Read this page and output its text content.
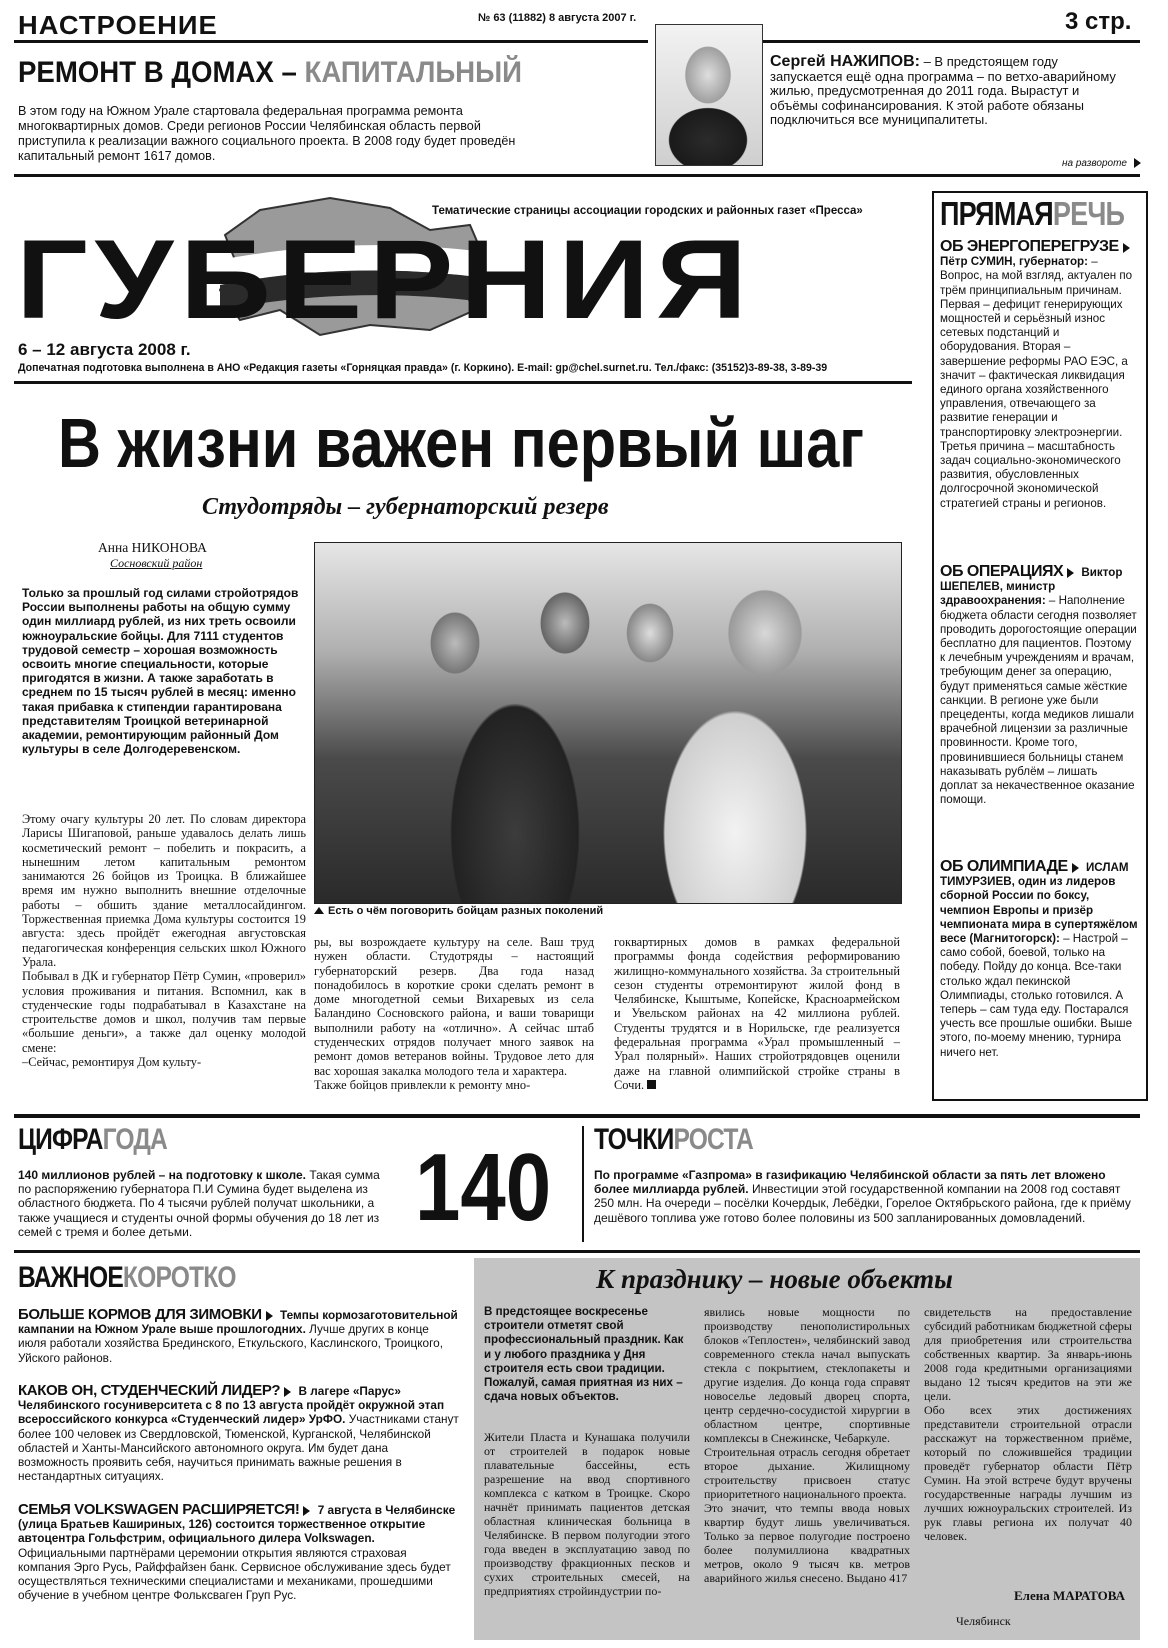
НАСТРОЕНИЕ	№ 63 (11882) 8 августа 2007 г.	3 стр.
РЕМОНТ В ДОМАХ – КАПИТАЛЬНЫЙ
В этом году на Южном Урале стартовала федеральная программа ремонта многоквартирных домов. Среди регионов России Челябинская область первой приступила к реализации важного социального проекта. В 2008 году будет проведён капитальный ремонт 1617 домов.
Сергей НАЖИПОВ: – В предстоящем году запускается ещё одна программа – по ветхо-аварийному жилью, предусмотренная до 2011 года. Вырастут и объёмы софинансирования. К этой работе обязаны подключиться все муниципалитеты.
на развороте
Тематические страницы ассоциации городских и районных газет «Пресса»
ГУБЕРНИЯ
6 – 12 августа 2008 г.
Допечатная подготовка выполнена в АНО «Редакция газеты «Горняцкая правда» (г. Коркино). E-mail: gp@chel.surnet.ru. Тел./факс: (35152)3-89-38, 3-89-39
В жизни важен первый шаг
Студотряды – губернаторский резерв
Анна НИКОНОВА
Сосновский район
Только за прошлый год силами стройотрядов России выполнены работы на общую сумму один миллиард рублей, из них треть освоили южноуральские бойцы. Для 7111 студентов трудовой семестр – хорошая возможность освоить многие специальности, которые пригодятся в жизни. А также заработать в среднем по 15 тысяч рублей в месяц: именно такая прибавка к стипендии гарантирована представителям Троицкой ветеринарной академии, ремонтирующим районный Дом культуры в селе Долгодеревенском.
Этому очагу культуры 20 лет. По словам директора Ларисы Шигаповой, раньше удавалось делать лишь косметический ремонт – побелить и покрасить, а нынешним летом капитальным ремонтом занимаются 26 бойцов из Троицка. В ближайшее время им нужно выполнить внешние отделочные работы – обшить здание металлосайдингом. Торжественная приемка Дома культуры состоится 19 августа: здесь пройдёт ежегодная августовская педагогическая конференция сельских школ Южного Урала.
Побывал в ДК и губернатор Пётр Сумин, «проверил» условия проживания и питания. Вспомнил, как в студенческие годы подрабатывал в Казахстане на строительстве домов и школ, получив там первые «большие деньги», а также дал оценку молодой смене:
–Сейчас, ремонтируя Дом культу-
Есть о чём поговорить бойцам разных поколений
ры, вы возрождаете культуру на селе. Ваш труд нужен области. Студотряды – настоящий губернаторский резерв. Два года назад понадобилось в короткие сроки сделать ремонт в доме многодетной семьи Вихаревых из села Баландино Сосновского района, и ваши товарищи выполнили работу на «отлично». А сейчас штаб студенческих отрядов получает много заявок на ремонт домов ветеранов войны. Трудовое лето для вас хорошая закалка молодого тела и характера.
Также бойцов привлекли к ремонту мно-
гоквартирных домов в рамках федеральной программы фонда содействия реформированию жилищно-коммунального хозяйства. За строительный сезон студенты отремонтируют жилой фонд в Челябинске, Кыштыме, Копейске, Красноармейском и Увельском районах на 42 миллиона рублей. Студенты трудятся и в Норильске, где реализуется федеральная программа «Урал промышленный – Урал полярный». Наших стройотрядовцев оценили даже на главной олимпийской стройке страны в Сочи.
ПРЯМАЯРЕЧЬ
ОБ ЭНЕРГОПЕРЕГРУЗЕ
Пётр СУМИН, губернатор: – Вопрос, на мой взгляд, актуален по трём принципиальным причинам. Первая – дефицит генерирующих мощностей и серьёзный износ сетевых подстанций и оборудования. Вторая – завершение реформы РАО ЕЭС, а значит – фактическая ликвидация единого органа хозяйственного управления, отвечающего за развитие генерации и транспортировку электроэнергии. Третья причина – масштабность задач социально-экономического развития, обусловленных долгосрочной экономической стратегией страны и регионов.
ОБ ОПЕРАЦИЯХ Виктор ШЕПЕЛЕВ, министр здравоохранения: – Наполнение бюджета области сегодня позволяет проводить дорогостоящие операции бесплатно для пациентов. Поэтому к лечебным учреждениям и врачам, требующим денег за операцию, будут применяться самые жёсткие санкции. В регионе уже были прецеденты, когда медиков лишали врачебной лицензии за различные провинности. Кроме того, провинившиеся больницы станем наказывать рублём – лишать доплат за некачественное оказание помощи.
ОБ ОЛИМПИАДЕ ИСЛАМ ТИМУРЗИЕВ, один из лидеров сборной России по боксу, чемпион Европы и призёр чемпионата мира в супертяжёлом весе (Магнитогорск): – Настрой – само собой, боевой, только на победу. Пойду до конца. Все-таки столько ждал пекинской Олимпиады, столько готовился. А теперь – сам туда еду. Постарался учесть все прошлые ошибки. Выше этого, по-моему мнению, турнира ничего нет.
ЦИФРАГОДА
140 миллионов рублей – на подготовку к школе. Такая сумма по распоряжению губернатора П.И Сумина будет выделена из областного бюджета. По 4 тысячи рублей получат школьники, а также учащиеся и студенты очной формы обучения до 18 лет из семей с тремя и более детьми.	140 ТОЧКИРОСТА
По программе «Газпрома» в газификацию Челябинской области за пять лет вложено более миллиарда рублей. Инвестиции этой государственной компании на 2008 год составят 250 млн. На очереди – посёлки Кочердык, Лебёдки, Горелое Октябрьского района, где к приёму дешёвого топлива уже готово более половины из 500 запланированных домовладений.
ВАЖНОЕКОРОТКО
БОЛЬШЕ КОРМОВ ДЛЯ ЗИМОВКИ Темпы кормозаготовительной кампании на Южном Урале выше прошлогодних. Лучше других в конце июля работали хозяйства Брединского, Еткульского, Каслинского, Троицкого, Уйского районов.
КАКОВ ОН, СТУДЕНЧЕСКИЙ ЛИДЕР? В лагере «Парус» Челябинского госуниверситета с 8 по 13 августа пройдёт окружной этап всероссийского конкурса «Студенческий лидер» УрФО. Участниками станут более 100 человек из Свердловской, Тюменской, Курганской, Челябинской областей и Ханты-Мансийского автономного округа. Им будет дана возможность проявить себя, научиться принимать важные решения в нестандартных ситуациях.
СЕМЬЯ VOLKSWAGEN РАСШИРЯЕТСЯ! 7 августа в Челябинске (улица Братьев Кашириных, 126) состоится торжественное открытие автоцентра Гольфстрим, официального дилера Volkswagen. Официальными партнёрами церемонии открытия являются страховая компания Эрго Русь, Райффайзен банк. Сервисное обслуживание здесь будет осуществляться техническими специалистами и механиками, прошедшими обучение в учебном центре Фольксваген Груп Рус.
К празднику – новые объекты
В предстоящее воскресенье строители отметят свой профессиональный праздник. Как и у любого праздника у Дня строителя есть свои традиции. Пожалуй, самая приятная из них – сдача новых объектов.
Жители Пласта и Кунашака получили от строителей в подарок новые плавательные бассейны, есть разрешение на ввод спортивного комплекса с катком в Троицке. Скоро начнёт принимать пациентов детская областная клиническая больница в Челябинске. В первом полугодии этого года введен в эксплуатацию завод по производству фракционных песков и сухих строительных смесей, на предприятиях стройиндустрии по-
явились новые мощности по производству пенополистирольных блоков «Теплостен», челябинский завод современного стекла начал выпускать стекла с покрытием, стеклопакеты и другие изделия. До конца года справят новоселье ледовый дворец спорта, центр сердечно-сосудистой хирургии в областном центре, спортивные комплексы в Снежинске, Чебаркуле.
Строительная отрасль сегодня обретает второе дыхание. Жилищному строительству присвоен статус приоритетного национального проекта.
Это значит, что темпы ввода новых квартир будут лишь увеличиваться. Только за первое полугодие построено более полумиллиона квадратных метров, около 9 тысяч кв. метров аварийного жилья снесено. Выдано 417
свидетельств на предоставление субсидий работникам бюджетной сферы для приобретения или строительства собственных квартир. За январь-июнь 2008 года кредитными организациями выдано 12 тысяч кредитов на эти же цели.
Обо всех этих достижениях представители строительной отрасли расскажут на торжественном приёме, который по сложившейся традиции проведёт губернатор области Пётр Сумин. На этой встрече будут вручены государственные награды лучшим из лучших южноуральских строителей. Из рук главы региона их получат 40 человек.
Елена МАРАТОВА
Челябинск
